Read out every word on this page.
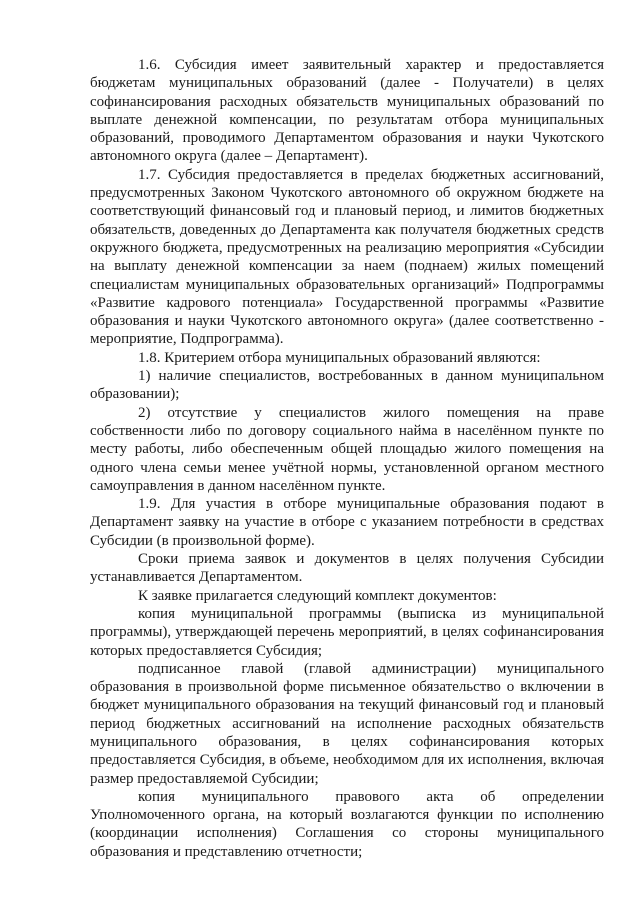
1.6. Субсидия имеет заявительный характер и предоставляется бюджетам муниципальных образований (далее - Получатели) в целях софинансирования расходных обязательств муниципальных образований по выплате денежной компенсации, по результатам отбора муниципальных образований, проводимого Департаментом образования и науки Чукотского автономного округа (далее – Департамент).

1.7. Субсидия предоставляется в пределах бюджетных ассигнований, предусмотренных Законом Чукотского автономного об окружном бюджете на соответствующий финансовый год и плановый период, и лимитов бюджетных обязательств, доведенных до Департамента как получателя бюджетных средств окружного бюджета, предусмотренных на реализацию мероприятия «Субсидии на выплату денежной компенсации за наем (поднаем) жилых помещений специалистам муниципальных образовательных организаций» Подпрограммы «Развитие кадрового потенциала» Государственной программы «Развитие образования и науки Чукотского автономного округа» (далее соответственно - мероприятие, Подпрограмма).

1.8. Критерием отбора муниципальных образований являются:

1) наличие специалистов, востребованных в данном муниципальном образовании);

2) отсутствие у специалистов жилого помещения на праве собственности либо по договору социального найма в населённом пункте по месту работы, либо обеспеченным общей площадью жилого помещения на одного члена семьи менее учётной нормы, установленной органом местного самоуправления в данном населённом пункте.

1.9. Для участия в отборе муниципальные образования подают в Департамент заявку на участие в отборе с указанием потребности в средствах Субсидии (в произвольной форме).

Сроки приема заявок и документов в целях получения Субсидии устанавливается Департаментом.

К заявке прилагается следующий комплект документов:

копия муниципальной программы (выписка из муниципальной программы), утверждающей перечень мероприятий, в целях софинансирования которых предоставляется Субсидия;

подписанное главой (главой администрации) муниципального образования в произвольной форме письменное обязательство о включении в бюджет муниципального образования на текущий финансовый год и плановый период бюджетных ассигнований на исполнение расходных обязательств муниципального образования, в целях софинансирования которых предоставляется Субсидия, в объеме, необходимом для их исполнения, включая размер предоставляемой Субсидии;

копия муниципального правового акта об определении Уполномоченного органа, на который возлагаются функции по исполнению (координации исполнения) Соглашения со стороны муниципального образования и представлению отчетности;
